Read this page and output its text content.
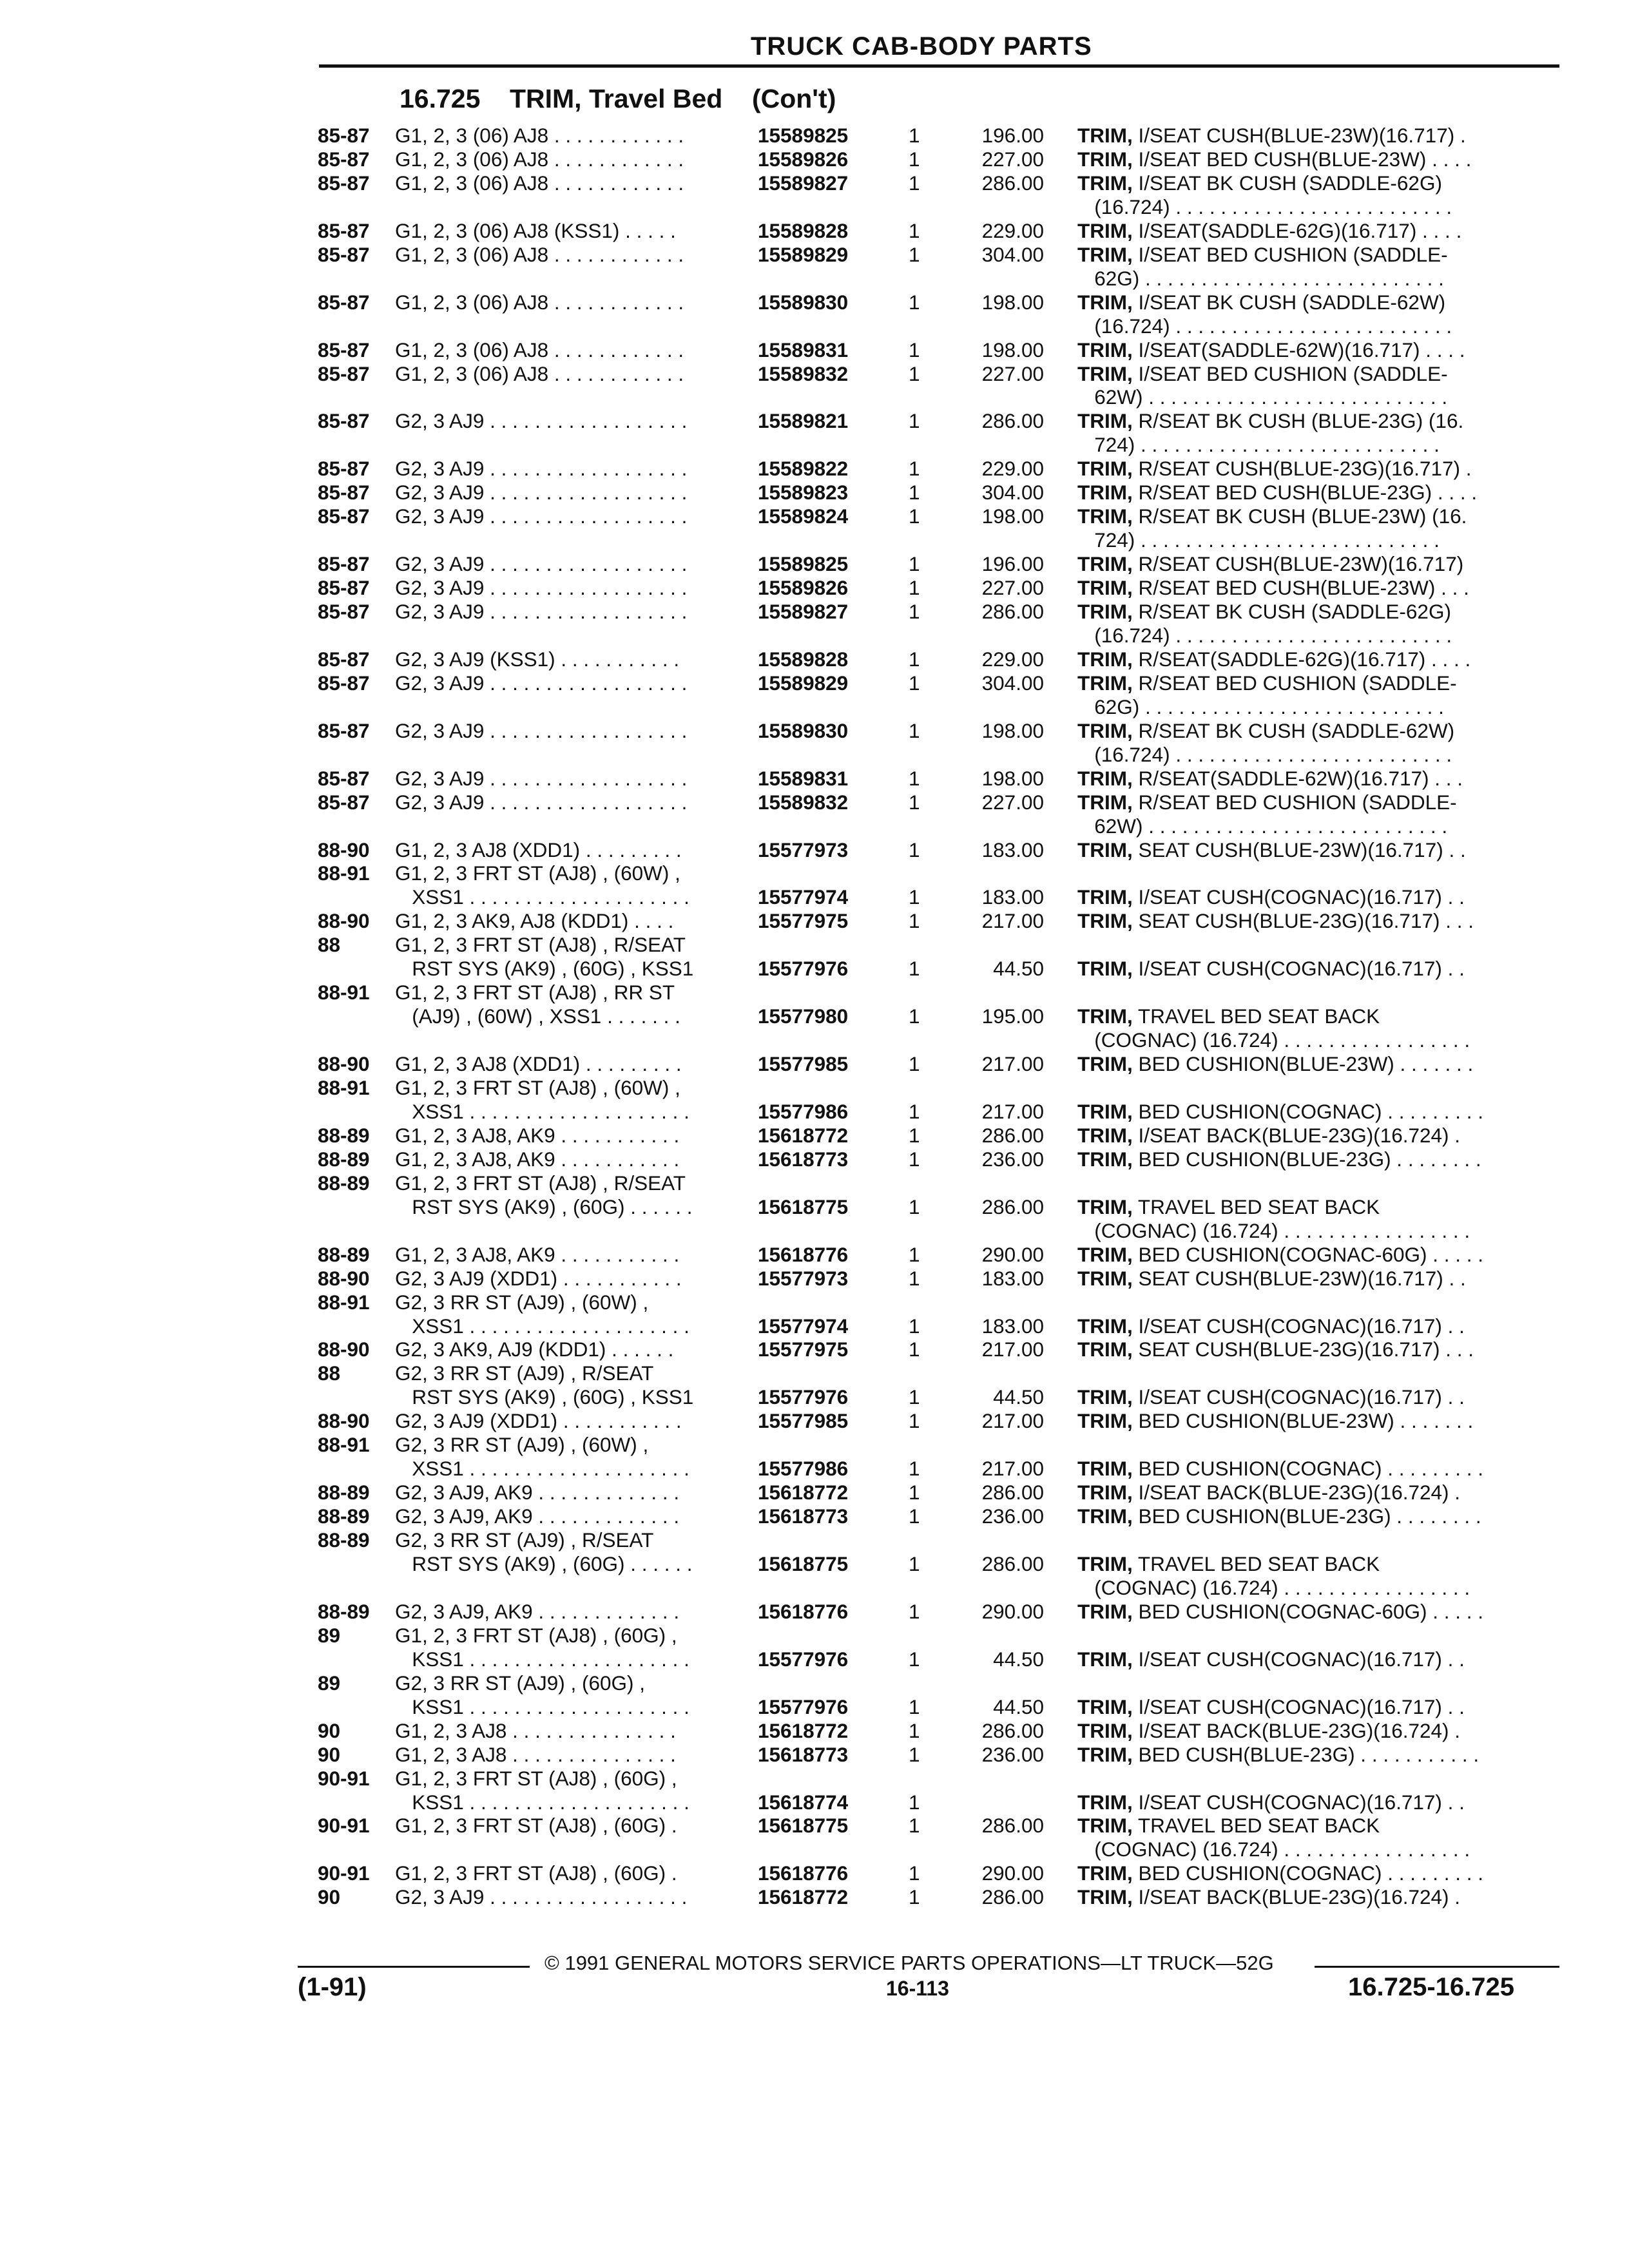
TRUCK CAB-BODY PARTS
16.725 TRIM, Travel Bed (Con't)
85-87 G1, 2, 3 (06) AJ8 . . . . . . . . . . . .	15589825	1	196.00 TRIM, I/SEAT CUSH(BLUE-23W)(16.717) .
85-87 G1, 2, 3 (06) AJ8 . . . . . . . . . . . .	15589826	1	227.00 TRIM, I/SEAT BED CUSH(BLUE-23W) . . . .
85-87 G1, 2, 3 (06) AJ8 . . . . . . . . . . . .	15589827	1	286.00 TRIM, I/SEAT BK CUSH (SADDLE-62G)
(16.724) . . . . . . . . . . . . . . . . . . . . . . . . .
85-87 G1, 2, 3 (06) AJ8 (KSS1) . . . . .	15589828	1	229.00 TRIM, I/SEAT(SADDLE-62G)(16.717) . . . .
85-87 G1, 2, 3 (06) AJ8 . . . . . . . . . . . .	15589829	1	304.00 TRIM, I/SEAT BED CUSHION (SADDLE-
62G) . . . . . . . . . . . . . . . . . . . . . . . . . . .
85-87 G1, 2, 3 (06) AJ8 . . . . . . . . . . . .	15589830	1	198.00 TRIM, I/SEAT BK CUSH (SADDLE-62W)
(16.724) . . . . . . . . . . . . . . . . . . . . . . . . .
85-87 G1, 2, 3 (06) AJ8 . . . . . . . . . . . .	15589831	1	198.00 TRIM, I/SEAT(SADDLE-62W)(16.717) . . . .
85-87 G1, 2, 3 (06) AJ8 . . . . . . . . . . . .	15589832	1	227.00 TRIM, I/SEAT BED CUSHION (SADDLE-
62W) . . . . . . . . . . . . . . . . . . . . . . . . . . .
85-87 G2, 3 AJ9 . . . . . . . . . . . . . . . . . .	15589821	1	286.00 TRIM, R/SEAT BK CUSH (BLUE-23G) (16.
724) . . . . . . . . . . . . . . . . . . . . . . . . . . .
85-87 G2, 3 AJ9 . . . . . . . . . . . . . . . . . .	15589822	1	229.00 TRIM, R/SEAT CUSH(BLUE-23G)(16.717) .
85-87 G2, 3 AJ9 . . . . . . . . . . . . . . . . . .	15589823	1	304.00 TRIM, R/SEAT BED CUSH(BLUE-23G) . . . .
85-87 G2, 3 AJ9 . . . . . . . . . . . . . . . . . .	15589824	1	198.00 TRIM, R/SEAT BK CUSH (BLUE-23W) (16.
724) . . . . . . . . . . . . . . . . . . . . . . . . . . .
85-87 G2, 3 AJ9 . . . . . . . . . . . . . . . . . .	15589825	1	196.00 TRIM, R/SEAT CUSH(BLUE-23W)(16.717)
85-87 G2, 3 AJ9 . . . . . . . . . . . . . . . . . .	15589826	1	227.00 TRIM, R/SEAT BED CUSH(BLUE-23W) . . .
85-87 G2, 3 AJ9 . . . . . . . . . . . . . . . . . .	15589827	1	286.00 TRIM, R/SEAT BK CUSH (SADDLE-62G)
(16.724) . . . . . . . . . . . . . . . . . . . . . . . . .
85-87 G2, 3 AJ9 (KSS1) . . . . . . . . . . .	15589828	1	229.00 TRIM, R/SEAT(SADDLE-62G)(16.717) . . . .
85-87 G2, 3 AJ9 . . . . . . . . . . . . . . . . . .	15589829	1	304.00 TRIM, R/SEAT BED CUSHION (SADDLE-
62G) . . . . . . . . . . . . . . . . . . . . . . . . . . .
85-87 G2, 3 AJ9 . . . . . . . . . . . . . . . . . .	15589830	1	198.00 TRIM, R/SEAT BK CUSH (SADDLE-62W)
(16.724) . . . . . . . . . . . . . . . . . . . . . . . . .
85-87 G2, 3 AJ9 . . . . . . . . . . . . . . . . . .	15589831	1	198.00 TRIM, R/SEAT(SADDLE-62W)(16.717) . . .
85-87 G2, 3 AJ9 . . . . . . . . . . . . . . . . . .	15589832	1	227.00 TRIM, R/SEAT BED CUSHION (SADDLE-
62W) . . . . . . . . . . . . . . . . . . . . . . . . . . .
88-90 G1, 2, 3 AJ8 (XDD1) . . . . . . . . .	15577973	1	183.00 TRIM, SEAT CUSH(BLUE-23W)(16.717) . .
88-91 G1, 2, 3 FRT ST (AJ8) , (60W) ,
XSS1 . . . . . . . . . . . . . . . . . . . .	15577974	1	183.00 TRIM, I/SEAT CUSH(COGNAC)(16.717) . .
88-90 G1, 2, 3 AK9, AJ8 (KDD1) . . . .	15577975	1	217.00 TRIM, SEAT CUSH(BLUE-23G)(16.717) . . .
88	G1, 2, 3 FRT ST (AJ8) , R/SEAT
RST SYS (AK9) , (60G) , KSS1	15577976	1	44.50 TRIM, I/SEAT CUSH(COGNAC)(16.717) . .
88-91 G1, 2, 3 FRT ST (AJ8) , RR ST
(AJ9) , (60W) , XSS1 . . . . . . .	15577980	1	195.00 TRIM, TRAVEL BED SEAT BACK
(COGNAC) (16.724) . . . . . . . . . . . . . . . . .
88-90 G1, 2, 3 AJ8 (XDD1) . . . . . . . . .	15577985	1	217.00 TRIM, BED CUSHION(BLUE-23W) . . . . . . .
88-91 G1, 2, 3 FRT ST (AJ8) , (60W) ,
XSS1 . . . . . . . . . . . . . . . . . . . .	15577986	1	217.00 TRIM, BED CUSHION(COGNAC) . . . . . . . . .
88-89 G1, 2, 3 AJ8, AK9 . . . . . . . . . . .	15618772	1	286.00 TRIM, I/SEAT BACK(BLUE-23G)(16.724) .
88-89 G1, 2, 3 AJ8, AK9 . . . . . . . . . . .	15618773	1	236.00 TRIM, BED CUSHION(BLUE-23G) . . . . . . . .
88-89 G1, 2, 3 FRT ST (AJ8) , R/SEAT
RST SYS (AK9) , (60G) . . . . . .	15618775	1	286.00 TRIM, TRAVEL BED SEAT BACK
(COGNAC) (16.724) . . . . . . . . . . . . . . . . .
88-89 G1, 2, 3 AJ8, AK9 . . . . . . . . . . .	15618776	1	290.00 TRIM, BED CUSHION(COGNAC-60G) . . . . .
88-90 G2, 3 AJ9 (XDD1) . . . . . . . . . . .	15577973	1	183.00 TRIM, SEAT CUSH(BLUE-23W)(16.717) . .
88-91 G2, 3 RR ST (AJ9) , (60W) ,
XSS1 . . . . . . . . . . . . . . . . . . . .	15577974	1	183.00 TRIM, I/SEAT CUSH(COGNAC)(16.717) . .
88-90 G2, 3 AK9, AJ9 (KDD1) . . . . . .	15577975	1	217.00 TRIM, SEAT CUSH(BLUE-23G)(16.717) . . .
88	G2, 3 RR ST (AJ9) , R/SEAT
RST SYS (AK9) , (60G) , KSS1	15577976	1	44.50 TRIM, I/SEAT CUSH(COGNAC)(16.717) . .
88-90 G2, 3 AJ9 (XDD1) . . . . . . . . . . .	15577985	1	217.00 TRIM, BED CUSHION(BLUE-23W) . . . . . . .
88-91 G2, 3 RR ST (AJ9) , (60W) ,
XSS1 . . . . . . . . . . . . . . . . . . . .	15577986	1	217.00 TRIM, BED CUSHION(COGNAC) . . . . . . . . .
88-89 G2, 3 AJ9, AK9 . . . . . . . . . . . . .	15618772	1	286.00 TRIM, I/SEAT BACK(BLUE-23G)(16.724) .
88-89 G2, 3 AJ9, AK9 . . . . . . . . . . . . .	15618773	1	236.00 TRIM, BED CUSHION(BLUE-23G) . . . . . . . .
88-89 G2, 3 RR ST (AJ9) , R/SEAT
RST SYS (AK9) , (60G) . . . . . .	15618775	1	286.00 TRIM, TRAVEL BED SEAT BACK
(COGNAC) (16.724) . . . . . . . . . . . . . . . . .
88-89 G2, 3 AJ9, AK9 . . . . . . . . . . . . .	15618776	1	290.00 TRIM, BED CUSHION(COGNAC-60G) . . . . .
89	G1, 2, 3 FRT ST (AJ8) , (60G) ,
KSS1 . . . . . . . . . . . . . . . . . . . .	15577976	1	44.50 TRIM, I/SEAT CUSH(COGNAC)(16.717) . .
89	G2, 3 RR ST (AJ9) , (60G) ,
KSS1 . . . . . . . . . . . . . . . . . . . .	15577976	1	44.50 TRIM, I/SEAT CUSH(COGNAC)(16.717) . .
90	G1, 2, 3 AJ8 . . . . . . . . . . . . . . .	15618772	1	286.00 TRIM, I/SEAT BACK(BLUE-23G)(16.724) .
90	G1, 2, 3 AJ8 . . . . . . . . . . . . . . .	15618773	1	236.00 TRIM, BED CUSH(BLUE-23G) . . . . . . . . . . .
90-91 G1, 2, 3 FRT ST (AJ8) , (60G) ,
KSS1 . . . . . . . . . . . . . . . . . . . .	15618774	1	TRIM, I/SEAT CUSH(COGNAC)(16.717) . .
90-91 G1, 2, 3 FRT ST (AJ8) , (60G) .	15618775	1	286.00 TRIM, TRAVEL BED SEAT BACK
(COGNAC) (16.724) . . . . . . . . . . . . . . . . .
90-91 G1, 2, 3 FRT ST (AJ8) , (60G) .	15618776	1	290.00 TRIM, BED CUSHION(COGNAC) . . . . . . . . .
90	G2, 3 AJ9 . . . . . . . . . . . . . . . . . .	15618772	1	286.00 TRIM, I/SEAT BACK(BLUE-23G)(16.724) .
© 1991 GENERAL MOTORS SERVICE PARTS OPERATIONS—LT TRUCK—52G
(1-91)	16-113	16.725-16.725
